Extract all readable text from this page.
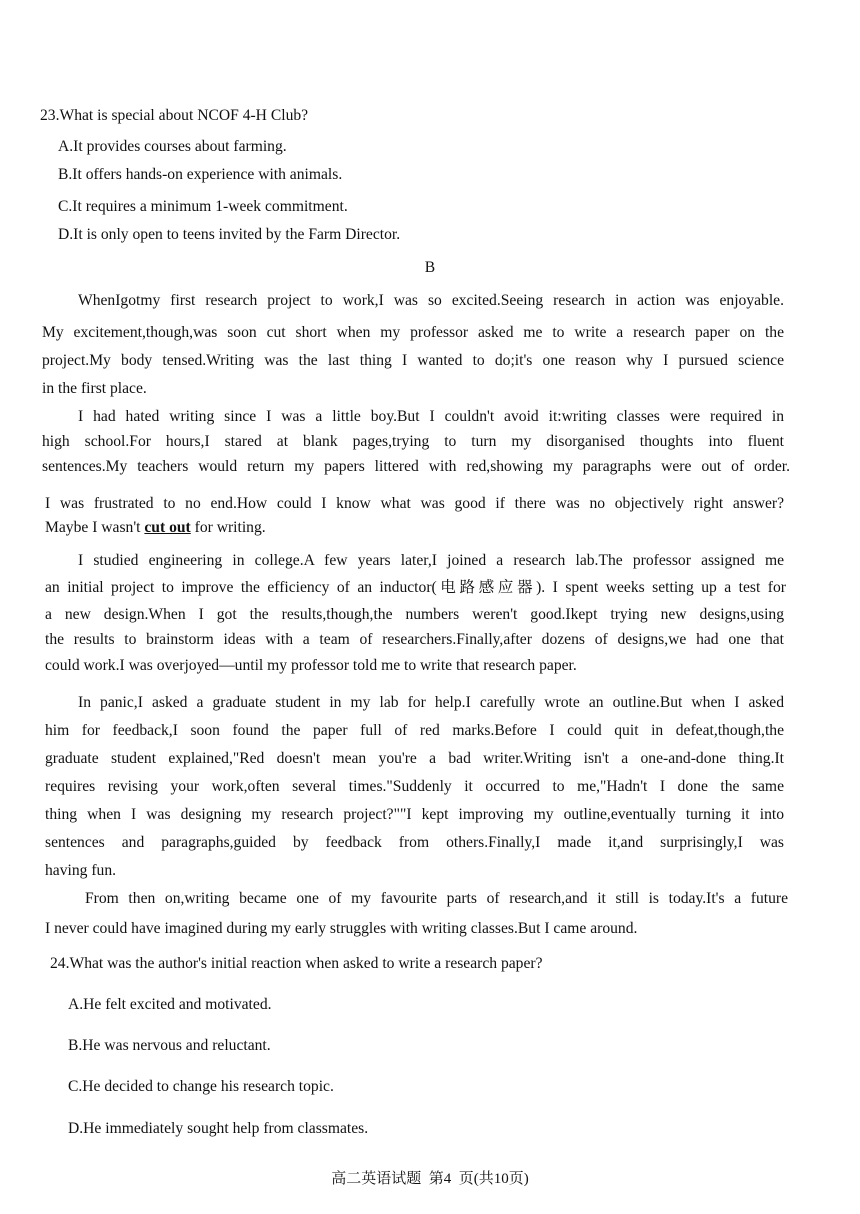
23.What is special about NCOF 4-H Club?
A.It provides courses about farming.
B.It offers hands-on experience with animals.
C.It requires a minimum 1-week commitment.
D.It is only open to teens invited by the Farm Director.
B
WhenIgotmy first research project to work,I was so excited.Seeing research in action was enjoyable.
My excitement,though,was soon cut short when my professor asked me to write a research paper on the
project.My body tensed.Writing was the last thing I wanted to do;it's one reason why I pursued science
in the first place.
I had hated writing since I was a little boy.But I couldn't avoid it:writing classes were required in
high school.For hours,I stared at blank pages,trying to turn my disorganised thoughts into fluent
sentences.My teachers would return my papers littered with red,showing my paragraphs were out of order.
I was frustrated to no end.How could I know what was good if there was no objectively right answer?
Maybe I wasn't cut out for writing.
I studied engineering in college.A few years later,I joined a research lab.The professor assigned me
an initial project to improve the efficiency of an inductor(电路感应器). I spent weeks setting up a test for
a new design.When I got the results,though,the numbers weren't good.Ikept trying new designs,using
the results to brainstorm ideas with a team of researchers.Finally,after dozens of designs,we had one that
could work.I was overjoyed—until my professor told me to write that research paper.
In panic,I asked a graduate student in my lab for help.I carefully wrote an outline.But when I asked
him for feedback,I soon found the paper full of red marks.Before I could quit in defeat,though,the
graduate student explained,"Red doesn't mean you're a bad writer.Writing isn't a one-and-done thing.It
requires revising your work,often several times."Suddenly it occurred to me,"Hadn't I done the same
thing when I was designing my research project?""I kept improving my outline,eventually turning it into
sentences and paragraphs,guided by feedback from others.Finally,I made it,and surprisingly,I was
having fun.
From then on,writing became one of my favourite parts of research,and it still is today.It's a future
I never could have imagined during my early struggles with writing classes.But I came around.
24.What was the author's initial reaction when asked to write a research paper?
A.He felt excited and motivated.
B.He was nervous and reluctant.
C.He decided to change his research topic.
D.He immediately sought help from classmates.
高二英语试题  第4  页(共10页)
